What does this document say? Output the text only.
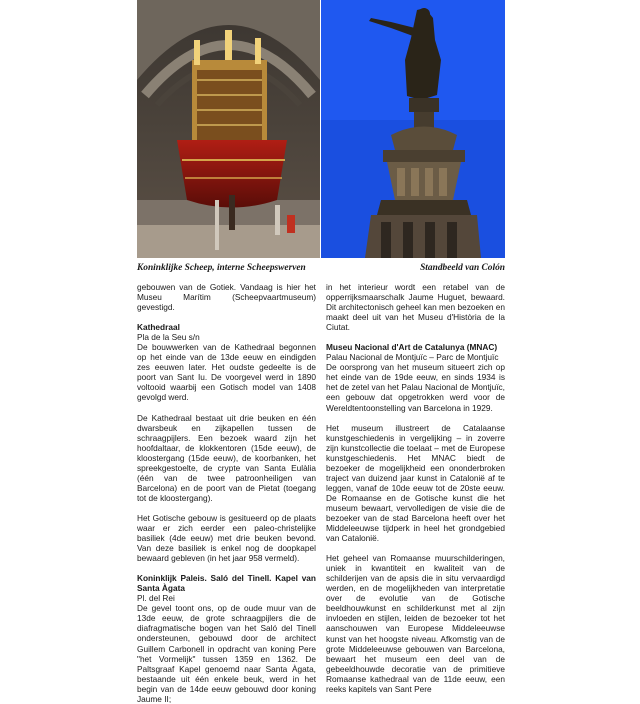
Koninklijke Scheep, interne Scheepswerven	Standbeeld van Colón

gebouwen van de Gotiek. Vandaag is hier het Museu Marítim (Scheepvaartmuseum) gevestigd.

Kathedraal
Pla de la Seu s/n

De bouwwerken van de Kathedraal begonnen op het einde van de 13de eeuw en eindigden zes eeuwen later. Het oudste gedeelte is de poort van Sant Iu. De voorgevel werd in 1890 voltooid waarbij een Gotisch model van 1408 gevolgd werd.

De Kathedraal bestaat uit drie beuken en één dwarsbeuk en zijkapellen tussen de schraagpijlers. Een bezoek waard zijn het hoofdaltaar, de klokkentoren (15de eeuw), de kloostergang (15de eeuw), de koorbanken, het spreekgestoelte, de crypte van Santa Eulàlia (één van de twee patroonheiligen van Barcelona) en de poort van de Pietat (toegang tot de kloostergang).

Het Gotische gebouw is gesitueerd op de plaats waar er zich eerder een paleo-christelijke basiliek (4de eeuw) met drie beuken bevond. Van deze basiliek is enkel nog de doopkapel bewaard gebleven (in het jaar 958 vermeld).

Koninklijk Paleis. Saló del Tinell. Kapel van Santa Àgata
Pl. del Rei

De gevel toont ons, op de oude muur van de 13de eeuw, de grote schraagpijlers die de diafragmatische bogen van het Saló del Tinell ondersteunen, gebouwd door de architect Guillem Carbonell in opdracht van koning Pere "het Vormelijk" tussen 1359 en 1362. De Paltsgraaf Kapel genoemd naar Santa Àgata, bestaande uit één enkele beuk, werd in het begin van de 14de eeuw gebouwd door koning Jaume II;

in het interieur wordt een retabel van de opperrijksmaarschalk Jaume Huguet, bewaard. Dit architectonisch geheel kan men bezoeken en maakt deel uit van het Museu d'Història de la Ciutat.

Museu Nacional d'Art de Catalunya (MNAC)
Palau Nacional de Montjuïc – Parc de Montjuïc

De oorsprong van het museum situeert zich op het einde van de 19de eeuw, en sinds 1934 is het de zetel van het Palau Nacional de Montjuïc, een gebouw dat opgetrokken werd voor de Wereldtentoonstelling van Barcelona in 1929.

Het museum illustreert de Catalaanse kunstgeschiedenis in vergelijking – in zoverre zijn kunstcollectie die toelaat – met de Europese kunstgeschiedenis. Het MNAC biedt de bezoeker de mogelijkheid een ononderbroken traject van duizend jaar kunst in Catalonië af te leggen, vanaf de 10de eeuw tot de 20ste eeuw. De Romaanse en de Gotische kunst die het museum bewaart, vervolledigen de visie die de bezoeker van de stad Barcelona heeft over het Middeleeuwse tijdperk in heel het grondgebied van Catalonië.

Het geheel van Romaanse muurschilderingen, uniek in kwantiteit en kwaliteit van de schilderijen van de apsis die in situ vervaardigd werden, en de mogelijkheden van interpretatie over de evolutie van de Gotische beeldhouwkunst en schilderkunst met al zijn invloeden en stijlen, leiden de bezoeker tot het aanschouwen van Europese Middeleeuwse kunst van het hoogste niveau. Afkomstig van de grote Middeleeuwse gebouwen van Barcelona, bewaart het museum een deel van de gebeeldhouwde decoratie van de primitieve Romaanse kathedraal van de 11de eeuw, een reeks kapitels van Sant Pere
